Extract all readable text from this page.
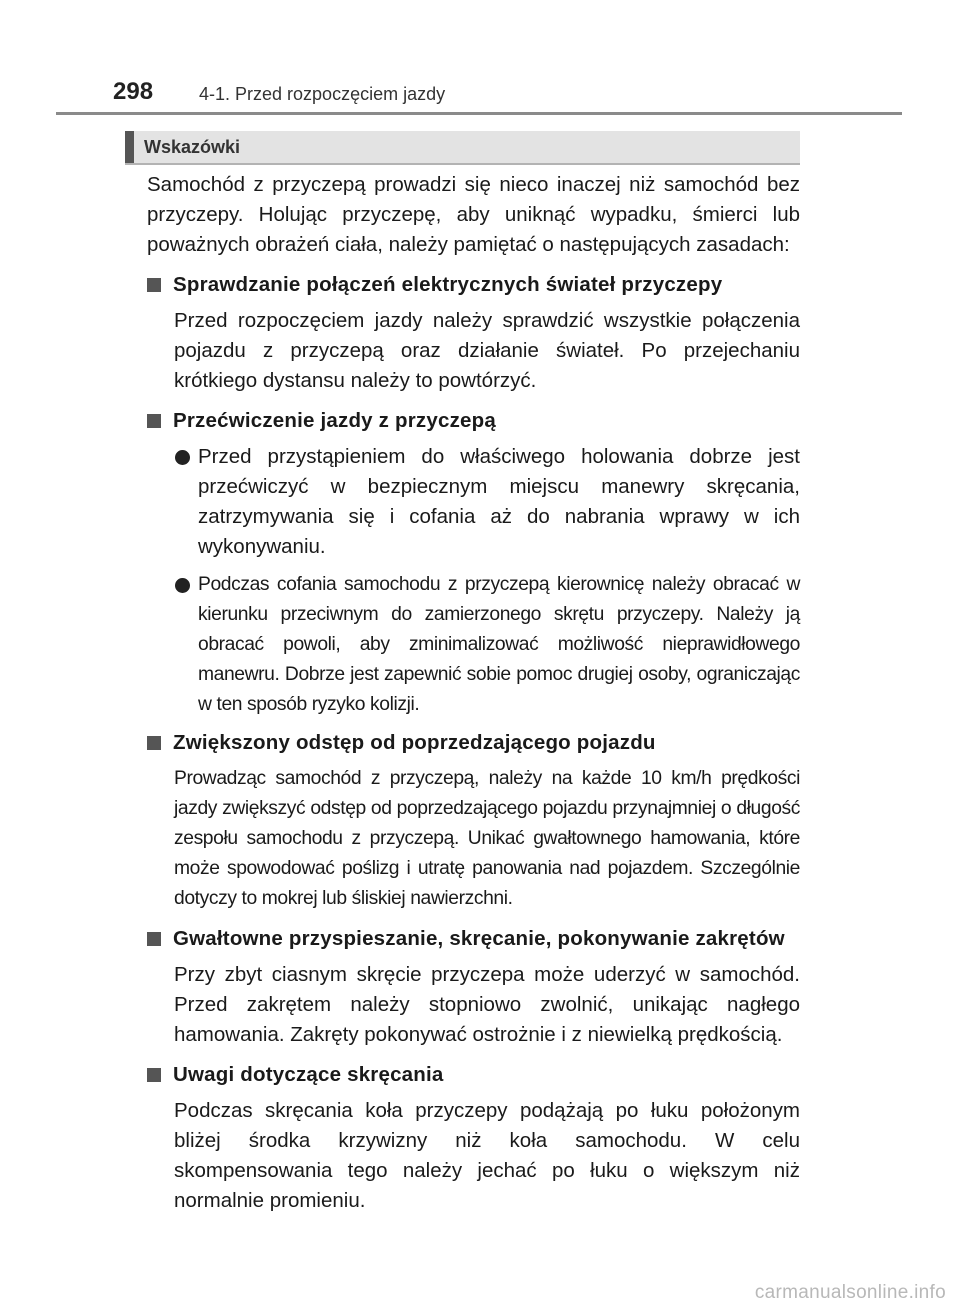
298	4-1. Przed rozpoczęciem jazdy
Wskazówki

Samochód z przyczepą prowadzi się nieco inaczej niż samochód bez przyczepy. Holując przyczepę, aby uniknąć wypadku, śmierci lub poważnych obrażeń ciała, należy pamiętać o następujących zasadach:

Sprawdzanie połączeń elektrycznych świateł przyczepy

Przed rozpoczęciem jazdy należy sprawdzić wszystkie połączenia pojazdu z przyczepą oraz działanie świateł. Po przejechaniu krótkiego dystansu należy to powtórzyć.

Przećwiczenie jazdy z przyczepą

Przed przystąpieniem do właściwego holowania dobrze jest przećwiczyć w bezpiecznym miejscu manewry skręcania, zatrzymywania się i cofania aż do nabrania wprawy w ich wykonywaniu.

Podczas cofania samochodu z przyczepą kierownicę należy obracać w kierunku przeciwnym do zamierzonego skrętu przyczepy. Należy ją obracać powoli, aby zminimalizować możliwość nieprawidłowego manewru. Dobrze jest zapewnić sobie pomoc drugiej osoby, ograniczając w ten sposób ryzyko kolizji.

Zwiększony odstęp od poprzedzającego pojazdu

Prowadząc samochód z przyczepą, należy na każde 10 km/h prędkości jazdy zwiększyć odstęp od poprzedzającego pojazdu przynajmniej o długość zespołu samochodu z przyczepą. Unikać gwałtownego hamowania, które może spowodować poślizg i utratę panowania nad pojazdem. Szczególnie dotyczy to mokrej lub śliskiej nawierzchni.

Gwałtowne przyspieszanie, skręcanie, pokonywanie zakrętów

Przy zbyt ciasnym skręcie przyczepa może uderzyć w samochód. Przed zakrętem należy stopniowo zwolnić, unikając nagłego hamowania. Zakręty pokonywać ostrożnie i z niewielką prędkością.

Uwagi dotyczące skręcania

Podczas skręcania koła przyczepy podążają po łuku położonym bliżej środka krzywizny niż koła samochodu. W celu skompensowania tego należy jechać po łuku o większym niż normalnie promieniu.

carmanualsonline.info
